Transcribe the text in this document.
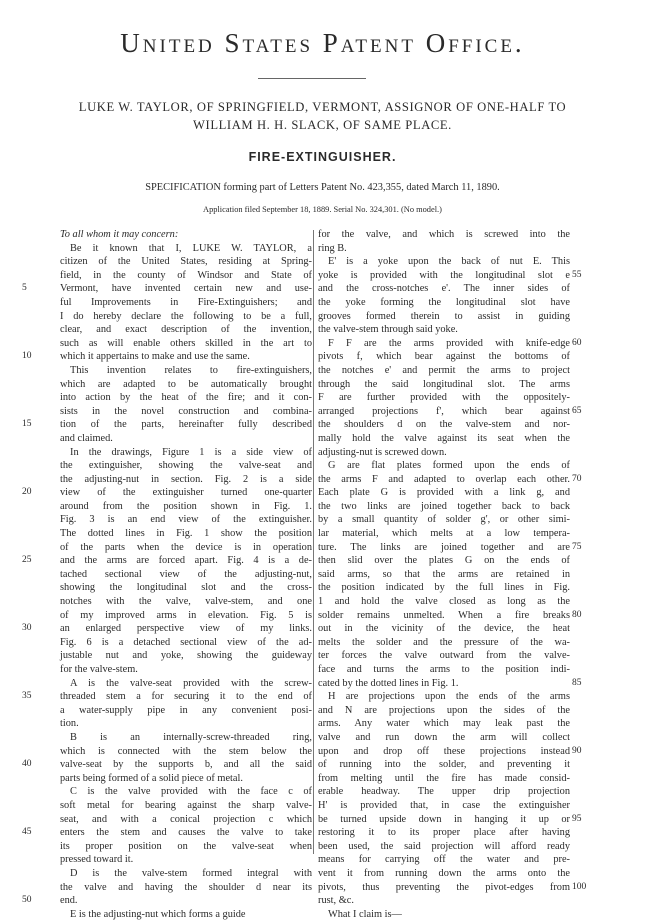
United States Patent Office.
LUKE W. TAYLOR, OF SPRINGFIELD, VERMONT, ASSIGNOR OF ONE-HALF TO
WILLIAM H. H. SLACK, OF SAME PLACE.
FIRE-EXTINGUISHER.
SPECIFICATION forming part of Letters Patent No. 423,355, dated March 11, 1890.
Application filed September 18, 1889. Serial No. 324,301. (No model.)
To all whom it may concern:
Be it known that I, LUKE W. TAYLOR, a
citizen of the United States, residing at Spring-
field, in the county of Windsor and State of
Vermont, have invented certain new and use-
ful Improvements in Fire-Extinguishers; and
I do hereby declare the following to be a full,
clear, and exact description of the invention,
such as will enable others skilled in the art to
which it appertains to make and use the same.
This invention relates to fire-extinguishers,
which are adapted to be automatically brought
into action by the heat of the fire; and it con-
sists in the novel construction and combina-
tion of the parts, hereinafter fully described
and claimed.
In the drawings, Figure 1 is a side view of
the extinguisher, showing the valve-seat and
the adjusting-nut in section. Fig. 2 is a side
view of the extinguisher turned one-quarter
around from the position shown in Fig. 1.
Fig. 3 is an end view of the extinguisher.
The dotted lines in Fig. 1 show the position
of the parts when the device is in operation
and the arms are forced apart. Fig. 4 is a de-
tached sectional view of the adjusting-nut,
showing the longitudinal slot and the cross-
notches with the valve, valve-stem, and one
of my improved arms in elevation. Fig. 5 is
an enlarged perspective view of my links.
Fig. 6 is a detached sectional view of the ad-
justable nut and yoke, showing the guideway
for the valve-stem.
A is the valve-seat provided with the screw-
threaded stem a for securing it to the end of
a water-supply pipe in any convenient posi-
tion.
B is an internally-screw-threaded ring,
which is connected with the stem below the
valve-seat by the supports b, and all the said
parts being formed of a solid piece of metal.
C is the valve provided with the face c of
soft metal for bearing against the sharp valve-
seat, and with a conical projection c which
enters the stem and causes the valve to take
its proper position on the valve-seat when
pressed toward it.
D is the valve-stem formed integral with
the valve and having the shoulder d near its
end.
E is the adjusting-nut which forms a guide
for the valve, and which is screwed into the
ring B.
E' is a yoke upon the back of nut E. This
yoke is provided with the longitudinal slot e
and the cross-notches e'. The inner sides of
the yoke forming the longitudinal slot have
grooves formed therein to assist in guiding
the valve-stem through said yoke.
F F are the arms provided with knife-edge
pivots f, which bear against the bottoms of
the notches e' and permit the arms to project
through the said longitudinal slot. The arms
F are further provided with the oppositely-
arranged projections f', which bear against
the shoulders d on the valve-stem and nor-
mally hold the valve against its seat when the
adjusting-nut is screwed down.
G are flat plates formed upon the ends of
the arms F and adapted to overlap each other.
Each plate G is provided with a link g, and
the two links are joined together back to back
by a small quantity of solder g', or other simi-
lar material, which melts at a low tempera-
ture. The links are joined together and are
then slid over the plates G on the ends of
said arms, so that the arms are retained in
the position indicated by the full lines in Fig.
1 and hold the valve closed as long as the
solder remains unmelted. When a fire breaks
out in the vicinity of the device, the heat
melts the solder and the pressure of the wa-
ter forces the valve outward from the valve-
face and turns the arms to the position indi-
cated by the dotted lines in Fig. 1.
H are projections upon the ends of the arms
and N are projections upon the sides of the
arms. Any water which may leak past the
valve and run down the arm will collect
upon and drop off these projections instead
of running into the solder, and preventing it
from melting until the fire has made consid-
erable headway. The upper drip projection
H' is provided that, in case the extinguisher
be turned upside down in hanging it up or
restoring it to its proper place after having
been used, the said projection will afford ready
means for carrying off the water and pre-
vent it from running down the arms onto the
pivots, thus preventing the pivot-edges from
rust, &c.
What I claim is—
5
10
15
20
25
30
35
40
45
50
55
60
65
70
75
80
85
90
95
100
